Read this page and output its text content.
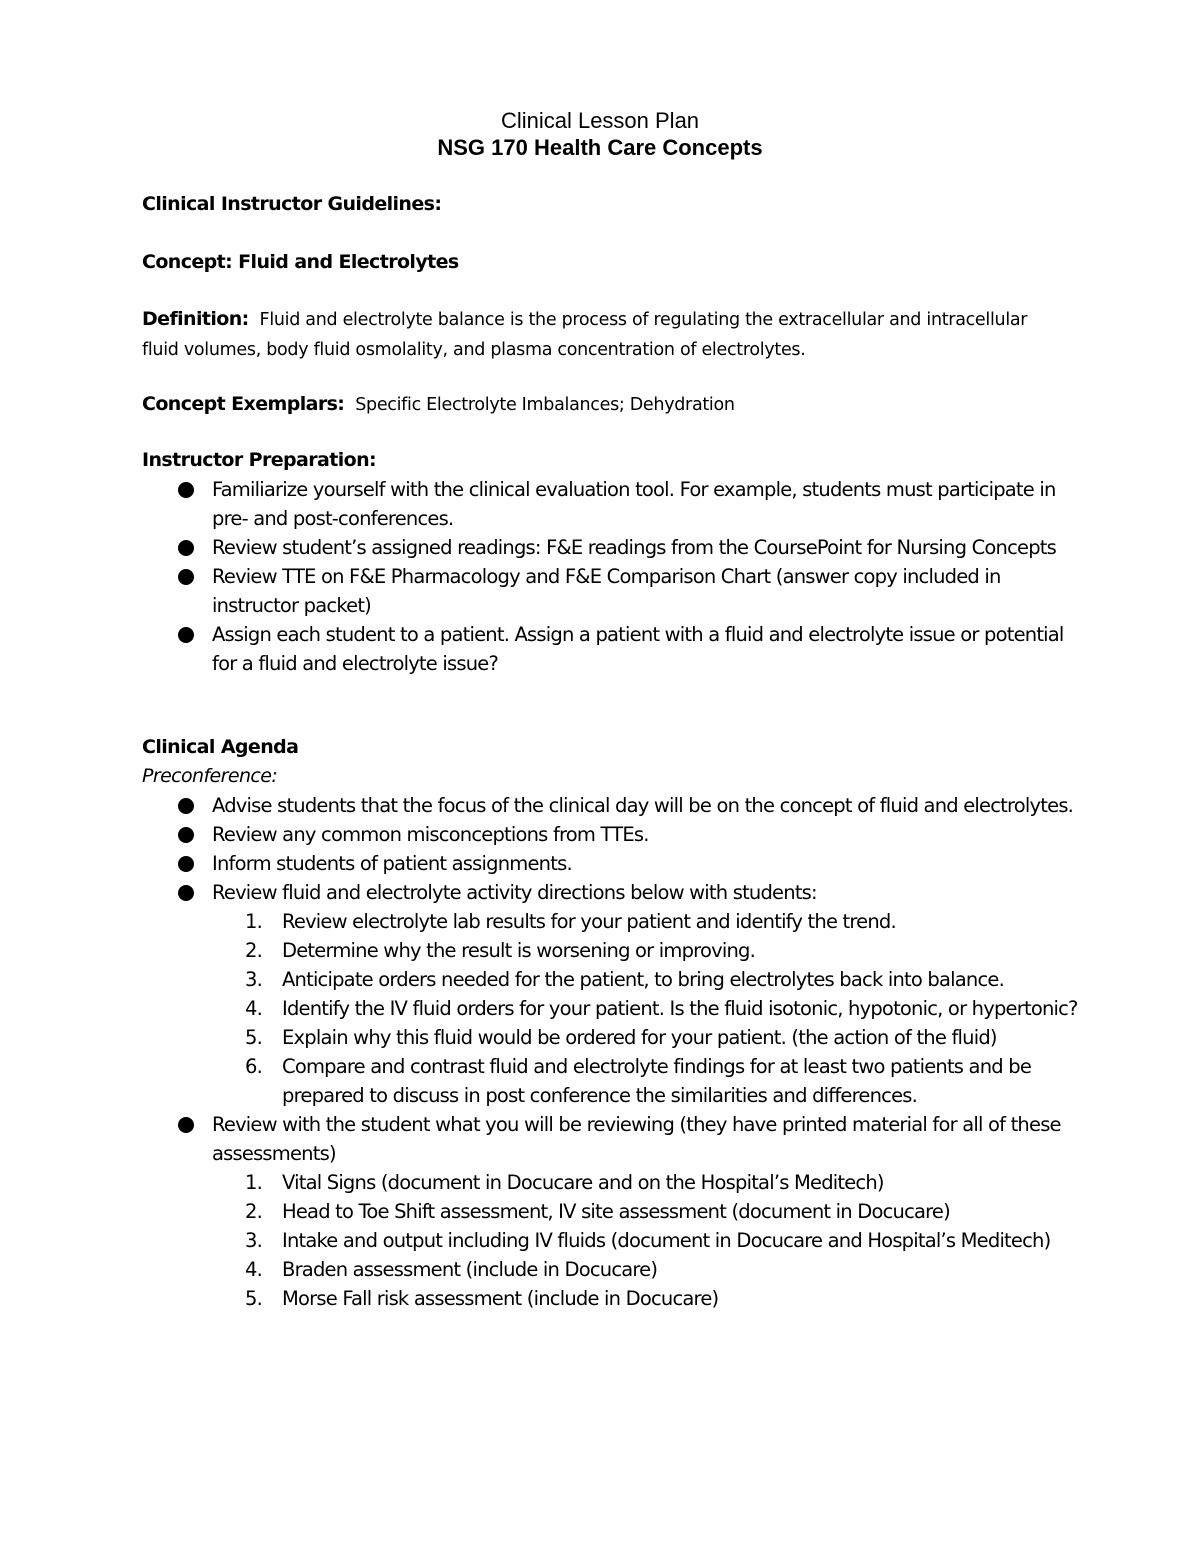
Clinical Lesson Plan
NSG 170 Health Care Concepts
Clinical Instructor Guidelines:
Concept: Fluid and Electrolytes
Definition: Fluid and electrolyte balance is the process of regulating the extracellular and intracellular fluid volumes, body fluid osmolality, and plasma concentration of electrolytes.
Concept Exemplars: Specific Electrolyte Imbalances; Dehydration
Instructor Preparation:
Familiarize yourself with the clinical evaluation tool. For example, students must participate in pre- and post-conferences.
Review student’s assigned readings: F&E readings from the CoursePoint for Nursing Concepts
Review TTE on F&E Pharmacology and F&E Comparison Chart (answer copy included in instructor packet)
Assign each student to a patient. Assign a patient with a fluid and electrolyte issue or potential for a fluid and electrolyte issue?
Clinical Agenda
Preconference:
Advise students that the focus of the clinical day will be on the concept of fluid and electrolytes.
Review any common misconceptions from TTEs.
Inform students of patient assignments.
Review fluid and electrolyte activity directions below with students:
1.	Review electrolyte lab results for your patient and identify the trend.
2.	Determine why the result is worsening or improving.
3.	Anticipate orders needed for the patient, to bring electrolytes back into balance.
4.	Identify the IV fluid orders for your patient. Is the fluid isotonic, hypotonic, or hypertonic?
5.	Explain why this fluid would be ordered for your patient. (the action of the fluid)
6.	Compare and contrast fluid and electrolyte findings for at least two patients and be prepared to discuss in post conference the similarities and differences.
Review with the student what you will be reviewing (they have printed material for all of these assessments)
1.	Vital Signs (document in Docucare and on the Hospital’s Meditech)
2.	Head to Toe Shift assessment, IV site assessment (document in Docucare)
3.	Intake and output including IV fluids (document in Docucare and Hospital’s Meditech)
4.	Braden assessment (include in Docucare)
5.	Morse Fall risk assessment (include in Docucare)
